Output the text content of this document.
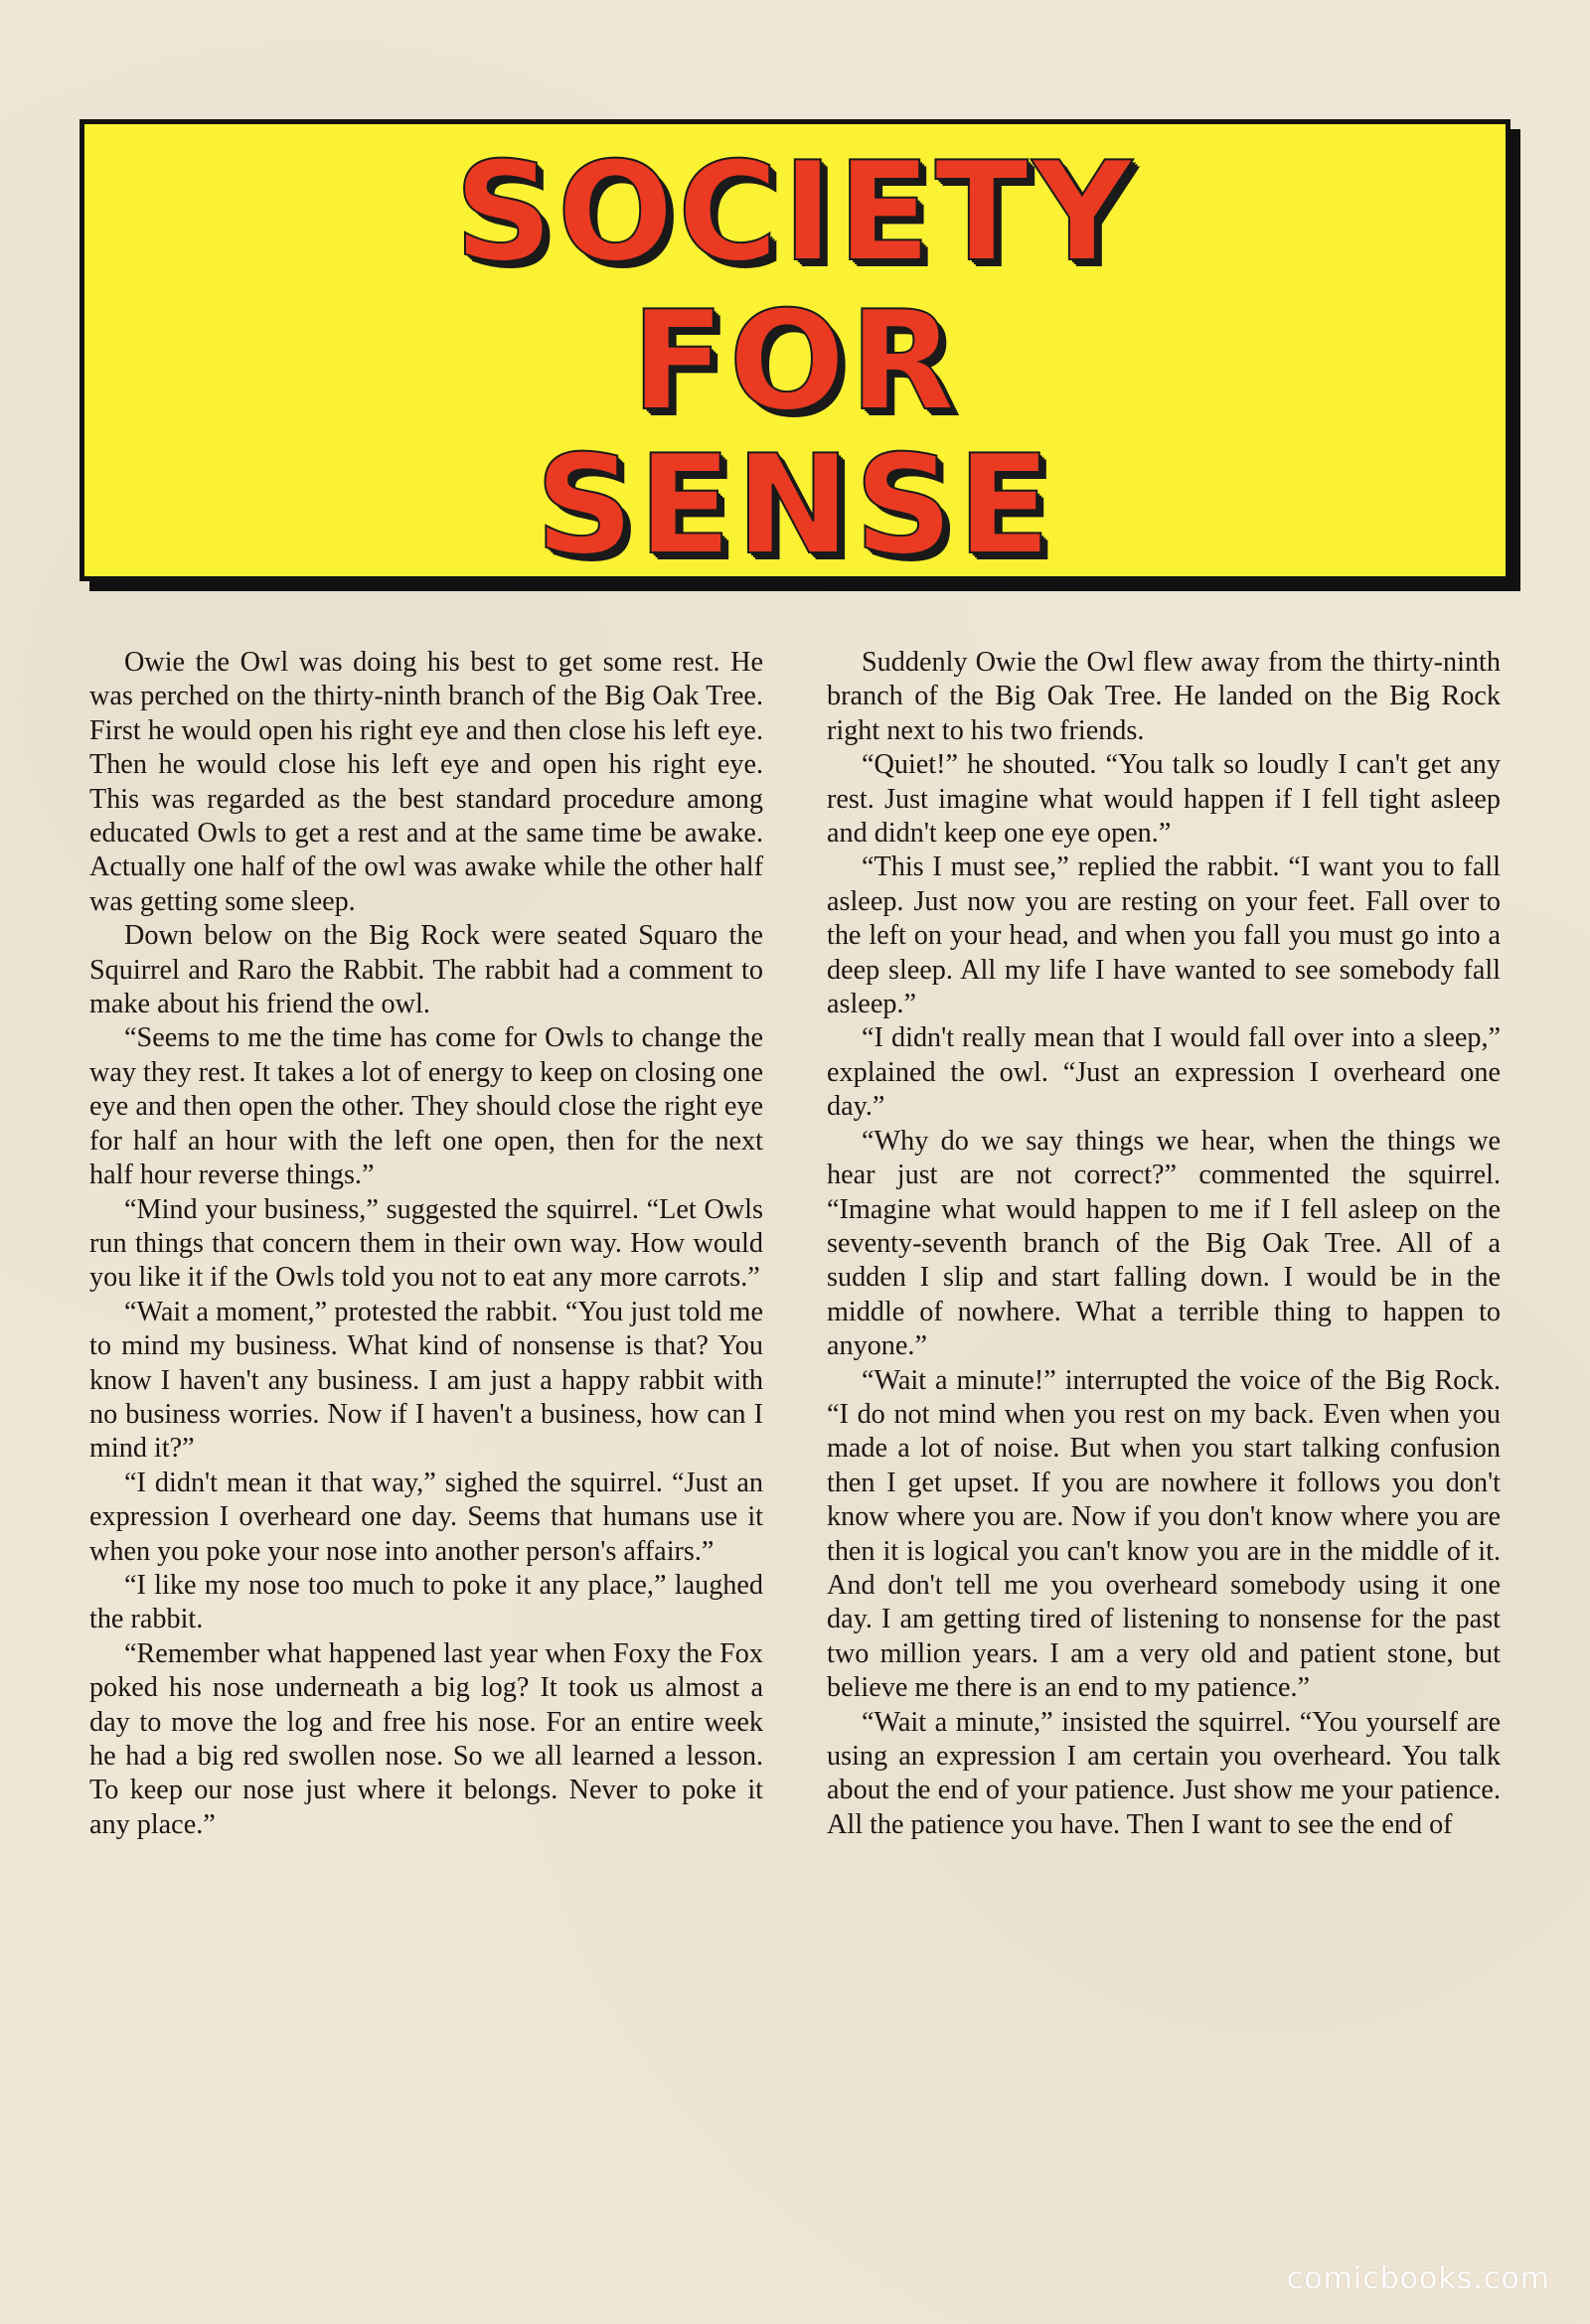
SOCIETY
FOR
SENSE

Owie the Owl was doing his best to get some rest. He was perched on the thirty-ninth branch of the Big Oak Tree. First he would open his right eye and then close his left eye. Then he would close his left eye and open his right eye. This was regarded as the best standard procedure among educated Owls to get a rest and at the same time be awake. Actually one half of the owl was awake while the other half was getting some sleep.

Down below on the Big Rock were seated Squaro the Squirrel and Raro the Rabbit. The rabbit had a comment to make about his friend the owl.

“Seems to me the time has come for Owls to change the way they rest. It takes a lot of energy to keep on closing one eye and then open the other. They should close the right eye for half an hour with the left one open, then for the next half hour reverse things.”

“Mind your business,” suggested the squirrel. “Let Owls run things that concern them in their own way. How would you like it if the Owls told you not to eat any more carrots.”

“Wait a moment,” protested the rabbit. “You just told me to mind my business. What kind of nonsense is that? You know I haven't any business. I am just a happy rabbit with no business worries. Now if I haven't a business, how can I mind it?”

“I didn't mean it that way,” sighed the squirrel. “Just an expression I overheard one day. Seems that humans use it when you poke your nose into another person's affairs.”

“I like my nose too much to poke it any place,” laughed the rabbit.

“Remember what happened last year when Foxy the Fox poked his nose underneath a big log? It took us almost a day to move the log and free his nose. For an entire week he had a big red swollen nose. So we all learned a lesson. To keep our nose just where it belongs. Never to poke it any place.”

Suddenly Owie the Owl flew away from the thirty-ninth branch of the Big Oak Tree. He landed on the Big Rock right next to his two friends.

“Quiet!” he shouted. “You talk so loudly I can't get any rest. Just imagine what would happen if I fell tight asleep and didn't keep one eye open.”

“This I must see,” replied the rabbit. “I want you to fall asleep. Just now you are resting on your feet. Fall over to the left on your head, and when you fall you must go into a deep sleep. All my life I have wanted to see somebody fall asleep.”

“I didn't really mean that I would fall over into a sleep,” explained the owl. “Just an expression I overheard one day.”

“Why do we say things we hear, when the things we hear just are not correct?” commented the squirrel. “Imagine what would happen to me if I fell asleep on the seventy-seventh branch of the Big Oak Tree. All of a sudden I slip and start falling down. I would be in the middle of nowhere. What a terrible thing to happen to anyone.”

“Wait a minute!” interrupted the voice of the Big Rock. “I do not mind when you rest on my back. Even when you made a lot of noise. But when you start talking confusion then I get upset. If you are nowhere it follows you don't know where you are. Now if you don't know where you are then it is logical you can't know you are in the middle of it. And don't tell me you overheard somebody using it one day. I am getting tired of listening to nonsense for the past two million years. I am a very old and patient stone, but believe me there is an end to my patience.”

“Wait a minute,” insisted the squirrel. “You yourself are using an expression I am certain you overheard. You talk about the end of your patience. Just show me your patience. All the patience you have. Then I want to see the end of

comicbooks.com
